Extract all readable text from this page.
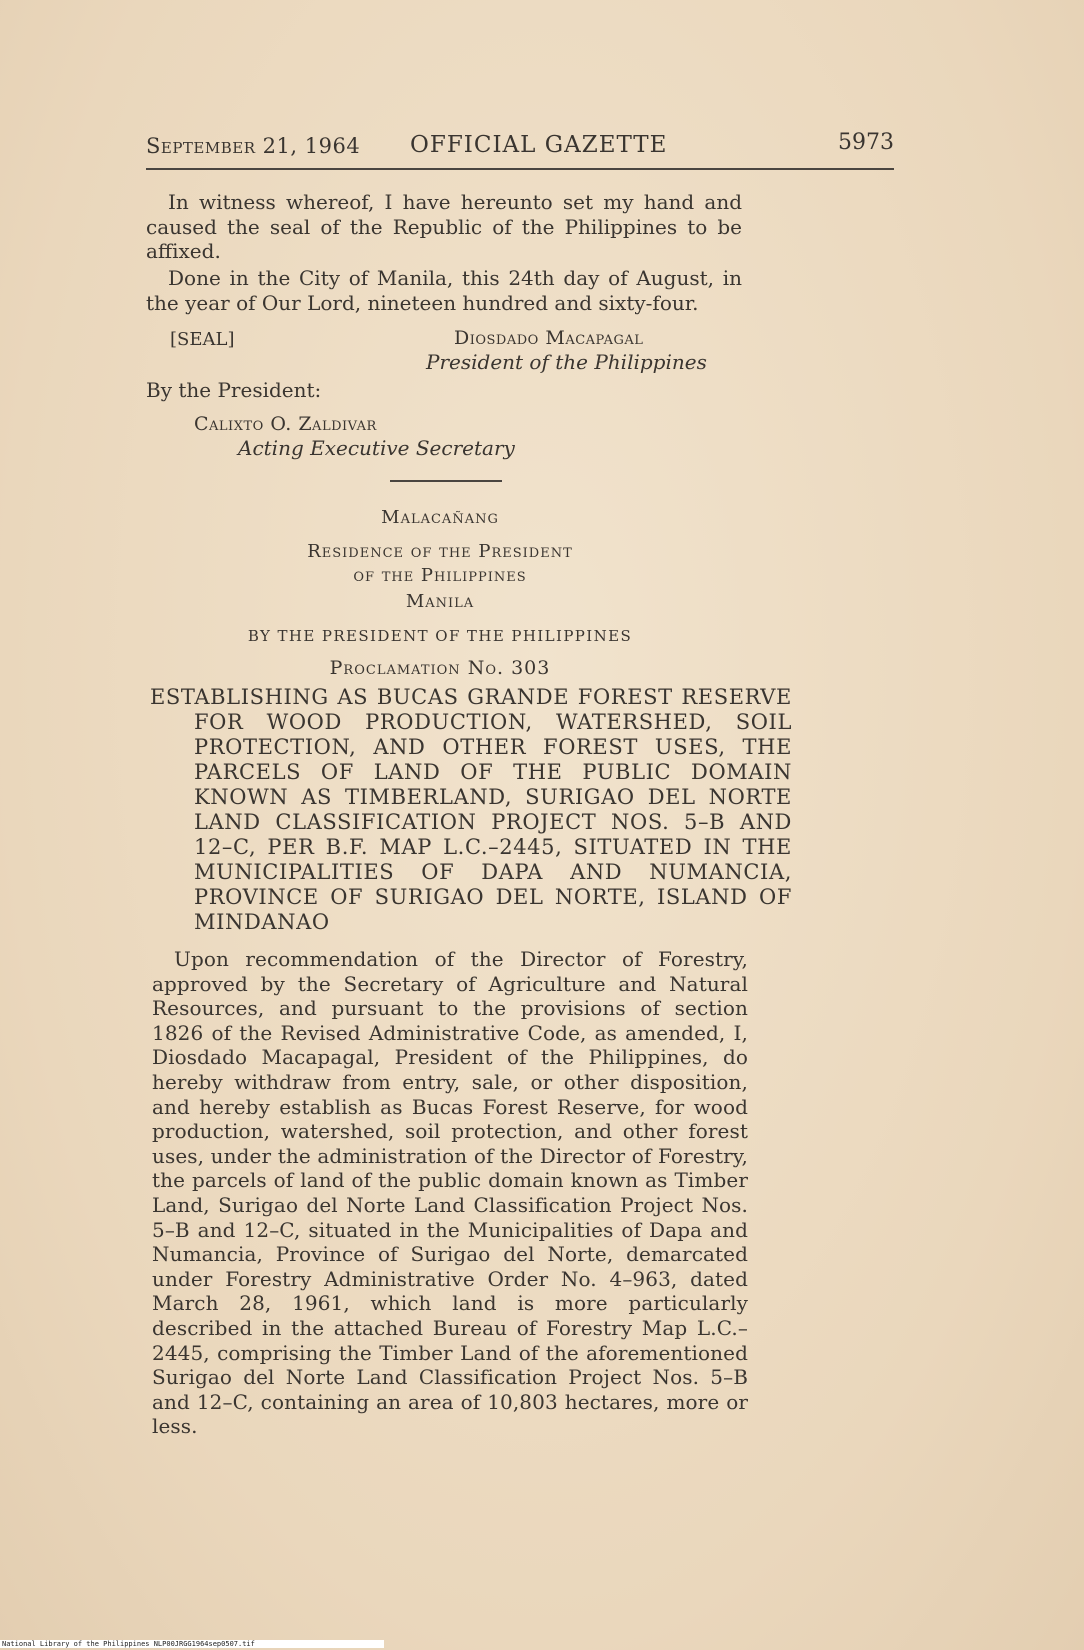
September 21, 1964 OFFICIAL GAZETTE	5973
In witness whereof, I have hereunto set my hand and caused the seal of the Republic of the Philippines to be affixed.
Done in the City of Manila, this 24th day of August, in the year of Our Lord, nineteen hundred and sixty-four.
[SEAL]	Diosdado Macapagal
President of the Philippines
By the President:
Calixto O. Zaldivar
Acting Executive Secretary
Malacañang
Residence of the President
of the Philippines
Manila
BY THE PRESIDENT OF THE PHILIPPINES
Proclamation No. 303
ESTABLISHING AS BUCAS GRANDE FOREST RESERVE FOR WOOD PRODUCTION, WATERSHED, SOIL PROTECTION, AND OTHER FOREST USES, THE PARCELS OF LAND OF THE PUBLIC DOMAIN KNOWN AS TIMBERLAND, SURIGAO DEL NORTE LAND CLASSIFICATION PROJECT NOS. 5–B AND 12–C, PER B.F. MAP L.C.–2445, SITUATED IN THE MUNICIPALITIES OF DAPA AND NUMANCIA, PROVINCE OF SURIGAO DEL NORTE, ISLAND OF MINDANAO
Upon recommendation of the Director of Forestry, approved by the Secretary of Agriculture and Natural Resources, and pursuant to the provisions of section 1826 of the Revised Administrative Code, as amended, I, Diosdado Macapagal, President of the Philippines, do hereby withdraw from entry, sale, or other disposition, and hereby establish as Bucas Forest Reserve, for wood production, watershed, soil protection, and other forest uses, under the administration of the Director of Forestry, the parcels of land of the public domain known as Timber Land, Surigao del Norte Land Classification Project Nos. 5–B and 12–C, situated in the Municipalities of Dapa and Numancia, Province of Surigao del Norte, demarcated under Forestry Administrative Order No. 4–963, dated March 28, 1961, which land is more particularly described in the attached Bureau of Forestry Map L.C.–2445, comprising the Timber Land of the aforementioned Surigao del Norte Land Classification Project Nos. 5–B and 12–C, containing an area of 10,803 hectares, more or less.
National Library of the Philippines NLP00JRGG1964sep0507.tif
